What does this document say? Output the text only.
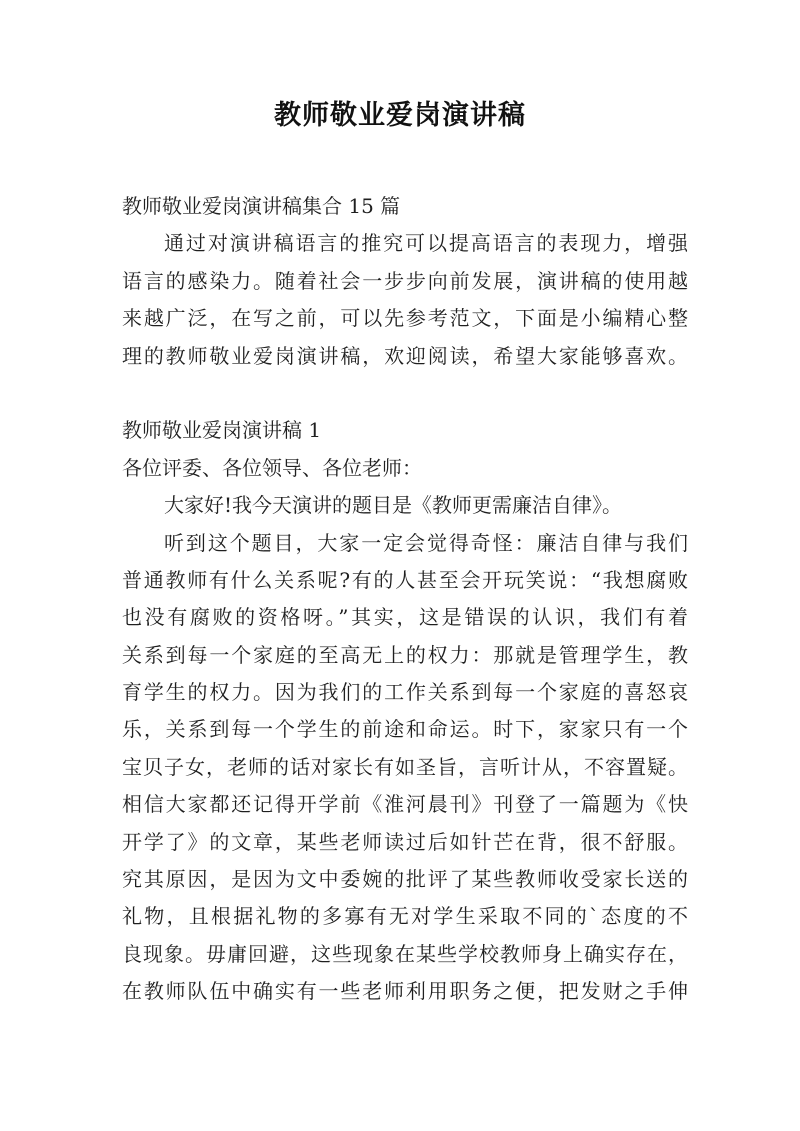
教师敬业爱岗演讲稿
教师敬业爱岗演讲稿集合 15 篇
通过对演讲稿语言的推究可以提高语言的表现力，增强
语言的感染力。随着社会一步步向前发展，演讲稿的使用越
来越广泛，在写之前，可以先参考范文，下面是小编精心整
理的教师敬业爱岗演讲稿，欢迎阅读，希望大家能够喜欢。
教师敬业爱岗演讲稿 1
各位评委、各位领导、各位老师：
大家好!我今天演讲的题目是《教师更需廉洁自律》。
听到这个题目，大家一定会觉得奇怪：廉洁自律与我们
普通教师有什么关系呢?有的人甚至会开玩笑说：“我想腐败
也没有腐败的资格呀。”其实，这是错误的认识，我们有着
关系到每一个家庭的至高无上的权力：那就是管理学生，教
育学生的权力。因为我们的工作关系到每一个家庭的喜怒哀
乐，关系到每一个学生的前途和命运。时下，家家只有一个
宝贝子女，老师的话对家长有如圣旨，言听计从，不容置疑。
相信大家都还记得开学前《淮河晨刊》刊登了一篇题为《快
开学了》的文章，某些老师读过后如针芒在背，很不舒服。
究其原因，是因为文中委婉的批评了某些教师收受家长送的
礼物，且根据礼物的多寡有无对学生采取不同的`态度的不
良现象。毋庸回避，这些现象在某些学校教师身上确实存在，
在教师队伍中确实有一些老师利用职务之便，把发财之手伸
